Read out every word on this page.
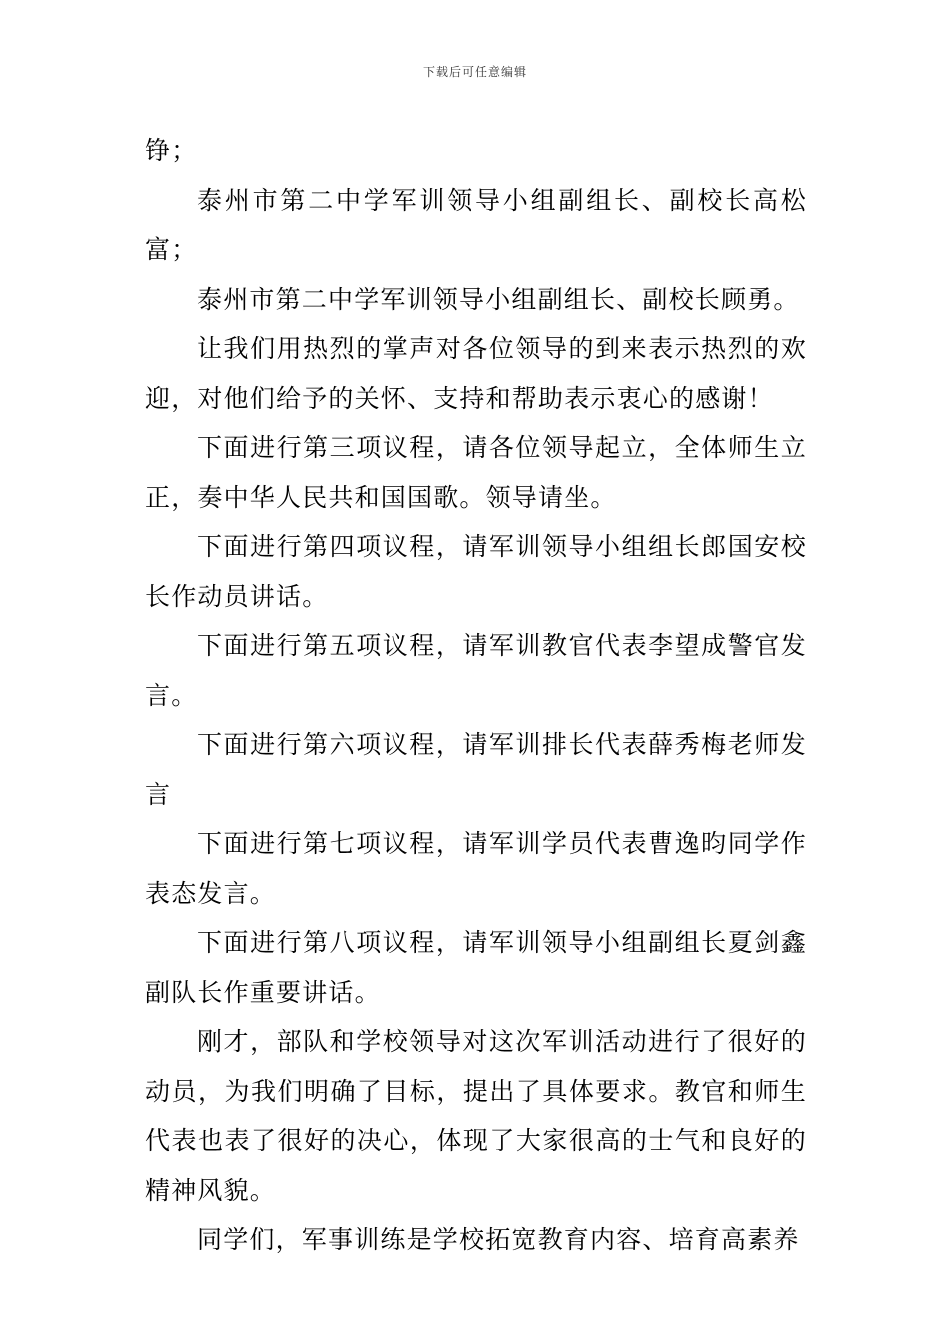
下载后可任意编辑

铮；

泰州市第二中学军训领导小组副组长、副校长高松富；

泰州市第二中学军训领导小组副组长、副校长顾勇。

让我们用热烈的掌声对各位领导的到来表示热烈的欢迎，对他们给予的关怀、支持和帮助表示衷心的感谢！

下面进行第三项议程，请各位领导起立，全体师生立正，奏中华人民共和国国歌。领导请坐。

下面进行第四项议程，请军训领导小组组长郎国安校长作动员讲话。

下面进行第五项议程，请军训教官代表李望成警官发言。

下面进行第六项议程，请军训排长代表薛秀梅老师发言

下面进行第七项议程，请军训学员代表曹逸昀同学作表态发言。

下面进行第八项议程，请军训领导小组副组长夏剑鑫副队长作重要讲话。

刚才，部队和学校领导对这次军训活动进行了很好的动员，为我们明确了目标，提出了具体要求。教官和师生代表也表了很好的决心，体现了大家很高的士气和良好的精神风貌。

同学们，军事训练是学校拓宽教育内容、培育高素养
